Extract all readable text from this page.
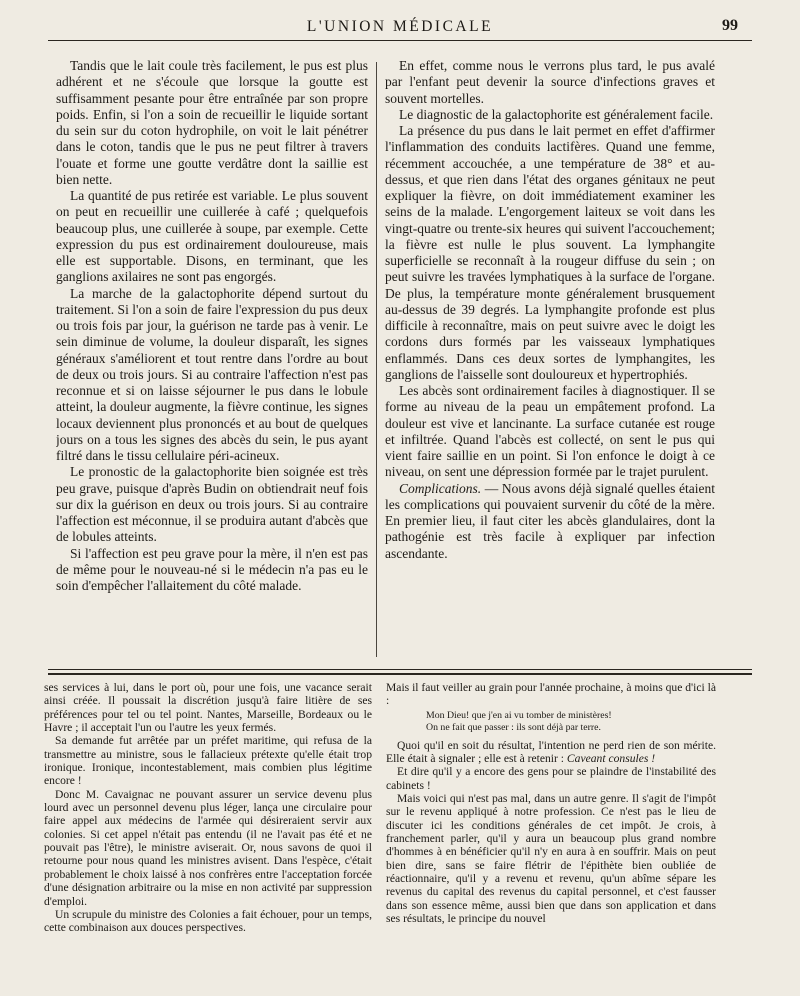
L'UNION MÉDICALE	99

Tandis que le lait coule très facilement, le pus est plus adhérent et ne s'écoule que lorsque la goutte est suffisamment pesante pour être entraînée par son propre poids. Enfin, si l'on a soin de recueillir le liquide sortant du sein sur du coton hydrophile, on voit le lait pénétrer dans le coton, tandis que le pus ne peut filtrer à travers l'ouate et forme une goutte verdâtre dont la saillie est bien nette.

La quantité de pus retirée est variable. Le plus souvent on peut en recueillir une cuillerée à café ; quelquefois beaucoup plus, une cuillerée à soupe, par exemple. Cette expression du pus est ordinairement douloureuse, mais elle est supportable. Disons, en terminant, que les ganglions axilaires ne sont pas engorgés.

La marche de la galactophorite dépend surtout du traitement. Si l'on a soin de faire l'expression du pus deux ou trois fois par jour, la guérison ne tarde pas à venir. Le sein diminue de volume, la douleur disparaît, les signes généraux s'améliorent et tout rentre dans l'ordre au bout de deux ou trois jours. Si au contraire l'affection n'est pas reconnue et si on laisse séjourner le pus dans le lobule atteint, la douleur augmente, la fièvre continue, les signes locaux deviennent plus prononcés et au bout de quelques jours on a tous les signes des abcès du sein, le pus ayant filtré dans le tissu cellulaire péri-acineux.

Le pronostic de la galactophorite bien soignée est très peu grave, puisque d'après Budin on obtiendrait neuf fois sur dix la guérison en deux ou trois jours. Si au contraire l'affection est méconnue, il se produira autant d'abcès que de lobules atteints.

Si l'affection est peu grave pour la mère, il n'en est pas de même pour le nouveau-né si le médecin n'a pas eu le soin d'empêcher l'allaitement du côté malade.

En effet, comme nous le verrons plus tard, le pus avalé par l'enfant peut devenir la source d'infections graves et souvent mortelles.

Le diagnostic de la galactophorite est généralement facile.

La présence du pus dans le lait permet en effet d'affirmer l'inflammation des conduits lactifères. Quand une femme, récemment accouchée, a une température de 38° et au-dessus, et que rien dans l'état des organes génitaux ne peut expliquer la fièvre, on doit immédiatement examiner les seins de la malade. L'engorgement laiteux se voit dans les vingt-quatre ou trente-six heures qui suivent l'accouchement; la fièvre est nulle le plus souvent. La lymphangite superficielle se reconnaît à la rougeur diffuse du sein ; on peut suivre les travées lymphatiques à la surface de l'organe. De plus, la température monte généralement brusquement au-dessus de 39 degrés. La lymphangite profonde est plus difficile à reconnaître, mais on peut suivre avec le doigt les cordons durs formés par les vaisseaux lymphatiques enflammés. Dans ces deux sortes de lymphangites, les ganglions de l'aisselle sont douloureux et hypertrophiés.

Les abcès sont ordinairement faciles à diagnostiquer. Il se forme au niveau de la peau un empâtement profond. La douleur est vive et lancinante. La surface cutanée est rouge et infiltrée. Quand l'abcès est collecté, on sent le pus qui vient faire saillie en un point. Si l'on enfonce le doigt à ce niveau, on sent une dépression formée par le trajet purulent.

Complications. — Nous avons déjà signalé quelles étaient les complications qui pouvaient survenir du côté de la mère. En premier lieu, il faut citer les abcès glandulaires, dont la pathogénie est très facile à expliquer par infection ascendante.

ses services à lui, dans le port où, pour une fois, une vacance serait ainsi créée. Il poussait la discrétion jusqu'à faire litière de ses préférences pour tel ou tel point. Nantes, Marseille, Bordeaux ou le Havre ; il acceptait l'un ou l'autre les yeux fermés.

Sa demande fut arrêtée par un préfet maritime, qui refusa de la transmettre au ministre, sous le fallacieux prétexte qu'elle était trop ironique. Ironique, incontestablement, mais combien plus légitime encore !

Donc M. Cavaignac ne pouvant assurer un service devenu plus lourd avec un personnel devenu plus léger, lança une circulaire pour faire appel aux médecins de l'armée qui désireraient servir aux colonies. Si cet appel n'était pas entendu (il ne l'avait pas été et ne pouvait pas l'être), le ministre aviserait. Or, nous savons de quoi il retourne pour nous quand les ministres avisent. Dans l'espèce, c'était probablement le choix laissé à nos confrères entre l'acceptation forcée d'une désignation arbitraire ou la mise en non activité par suppression d'emploi.

Un scrupule du ministre des Colonies a fait échouer, pour un temps, cette combinaison aux douces perspectives.

Mais il faut veiller au grain pour l'année prochaine, à moins que d'ici là :

Mon Dieu! que j'en ai vu tomber de ministères!
On ne fait que passer : ils sont déjà par terre.

Quoi qu'il en soit du résultat, l'intention ne perd rien de son mérite. Elle était à signaler ; elle est à retenir : Caveant consules !

Et dire qu'il y a encore des gens pour se plaindre de l'instabilité des cabinets !

Mais voici qui n'est pas mal, dans un autre genre. Il s'agit de l'impôt sur le revenu appliqué à notre profession. Ce n'est pas le lieu de discuter ici les conditions générales de cet impôt. Je crois, à franchement parler, qu'il y aura un beaucoup plus grand nombre d'hommes à en bénéficier qu'il n'y en aura à en souffrir. Mais on peut bien dire, sans se faire flétrir de l'épithète bien oubliée de réactionnaire, qu'il y a revenu et revenu, qu'un abîme sépare les revenus du capital des revenus du capital personnel, et c'est fausser dans son essence même, aussi bien que dans son application et dans ses résultats, le principe du nouvel
